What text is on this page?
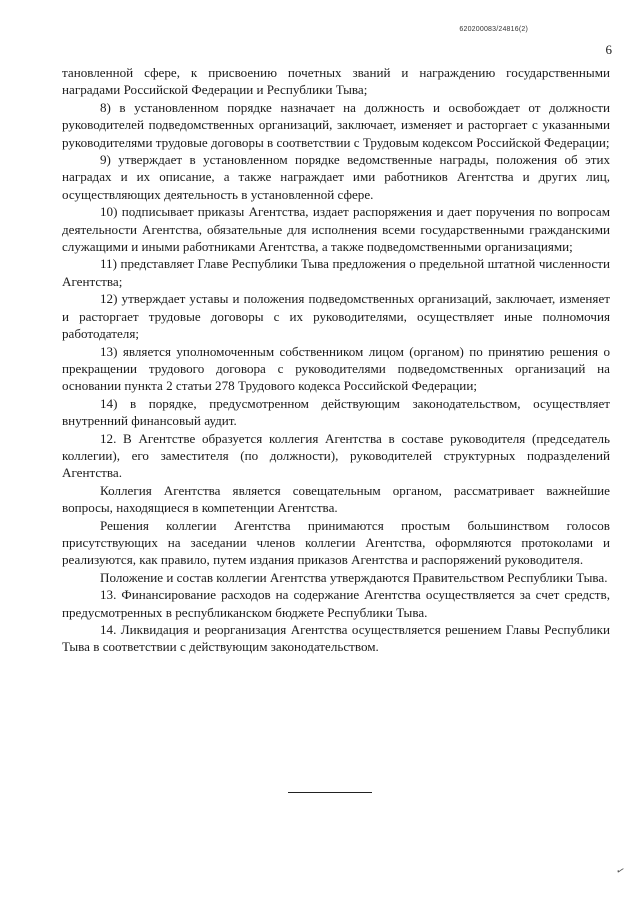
620200083/24816(2)
6

тановленной сфере, к присвоению почетных званий и награждению государственными наградами Российской Федерации и Республики Тыва;

8) в установленном порядке назначает на должность и освобождает от должности руководителей подведомственных организаций, заключает, изменяет и расторгает с указанными руководителями трудовые договоры в соответствии с Трудовым кодексом Российской Федерации;

9) утверждает в установленном порядке ведомственные награды, положения об этих наградах и их описание, а также награждает ими работников Агентства и других лиц, осуществляющих деятельность в установленной сфере.

10) подписывает приказы Агентства, издает распоряжения и дает поручения по вопросам деятельности Агентства, обязательные для исполнения всеми государственными гражданскими служащими и иными работниками Агентства, а также подведомственными организациями;

11) представляет Главе Республики Тыва предложения о предельной штатной численности Агентства;

12) утверждает уставы и положения подведомственных организаций, заключает, изменяет и расторгает трудовые договоры с их руководителями, осуществляет иные полномочия работодателя;

13) является уполномоченным собственником лицом (органом) по принятию решения о прекращении трудового договора с руководителями подведомственных организаций на основании пункта 2 статьи 278 Трудового кодекса Российской Федерации;

14) в порядке, предусмотренном действующим законодательством, осуществляет внутренний финансовый аудит.

12. В Агентстве образуется коллегия Агентства в составе руководителя (председатель коллегии), его заместителя (по должности), руководителей структурных подразделений Агентства.

Коллегия Агентства является совещательным органом, рассматривает важнейшие вопросы, находящиеся в компетенции Агентства.

Решения коллегии Агентства принимаются простым большинством голосов присутствующих на заседании членов коллегии Агентства, оформляются протоколами и реализуются, как правило, путем издания приказов Агентства и распоряжений руководителя.

Положение и состав коллегии Агентства утверждаются Правительством Республики Тыва.

13. Финансирование расходов на содержание Агентства осуществляется за счет средств, предусмотренных в республиканском бюджете Республики Тыва.

14. Ликвидация и реорганизация Агентства осуществляется решением Главы Республики Тыва в соответствии с действующим законодательством.

✓
